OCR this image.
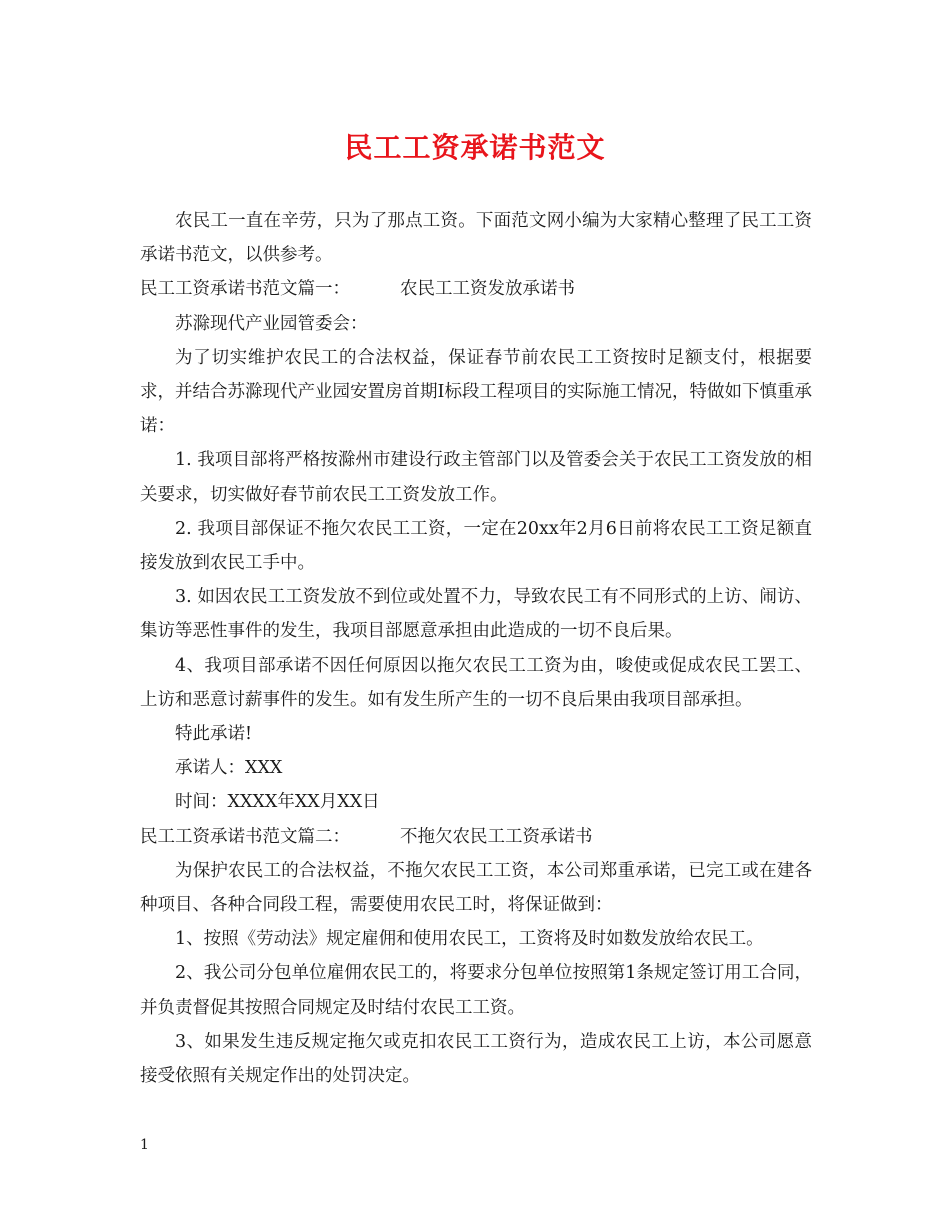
民工工资承诺书范文

农民工一直在辛劳，只为了那点工资。下面范文网小编为大家精心整理了民工工资承诺书范文，以供参考。

民工工资承诺书范文篇一：	农民工工资发放承诺书

苏滁现代产业园管委会：

为了切实维护农民工的合法权益，保证春节前农民工工资按时足额支付，根据要求，并结合苏滁现代产业园安置房首期Ⅰ标段工程项目的实际施工情况，特做如下慎重承诺：

1. 我项目部将严格按滁州市建设行政主管部门以及管委会关于农民工工资发放的相关要求，切实做好春节前农民工工资发放工作。

2. 我项目部保证不拖欠农民工工资，一定在20xx年2月6日前将农民工工资足额直接发放到农民工手中。

3. 如因农民工工资发放不到位或处置不力，导致农民工有不同形式的上访、闹访、集访等恶性事件的发生，我项目部愿意承担由此造成的一切不良后果。

4、我项目部承诺不因任何原因以拖欠农民工工资为由，唆使或促成农民工罢工、上访和恶意讨薪事件的发生。如有发生所产生的一切不良后果由我项目部承担。

特此承诺!

承诺人：XXX

时间：XXXX年XX月XX日

民工工资承诺书范文篇二：	不拖欠农民工工资承诺书

为保护农民工的合法权益，不拖欠农民工工资，本公司郑重承诺，已完工或在建各种项目、各种合同段工程，需要使用农民工时，将保证做到：

1、按照《劳动法》规定雇佣和使用农民工，工资将及时如数发放给农民工。

2、我公司分包单位雇佣农民工的，将要求分包单位按照第1条规定签订用工合同，并负责督促其按照合同规定及时结付农民工工资。

3、如果发生违反规定拖欠或克扣农民工工资行为，造成农民工上访，本公司愿意接受依照有关规定作出的处罚决定。

1
